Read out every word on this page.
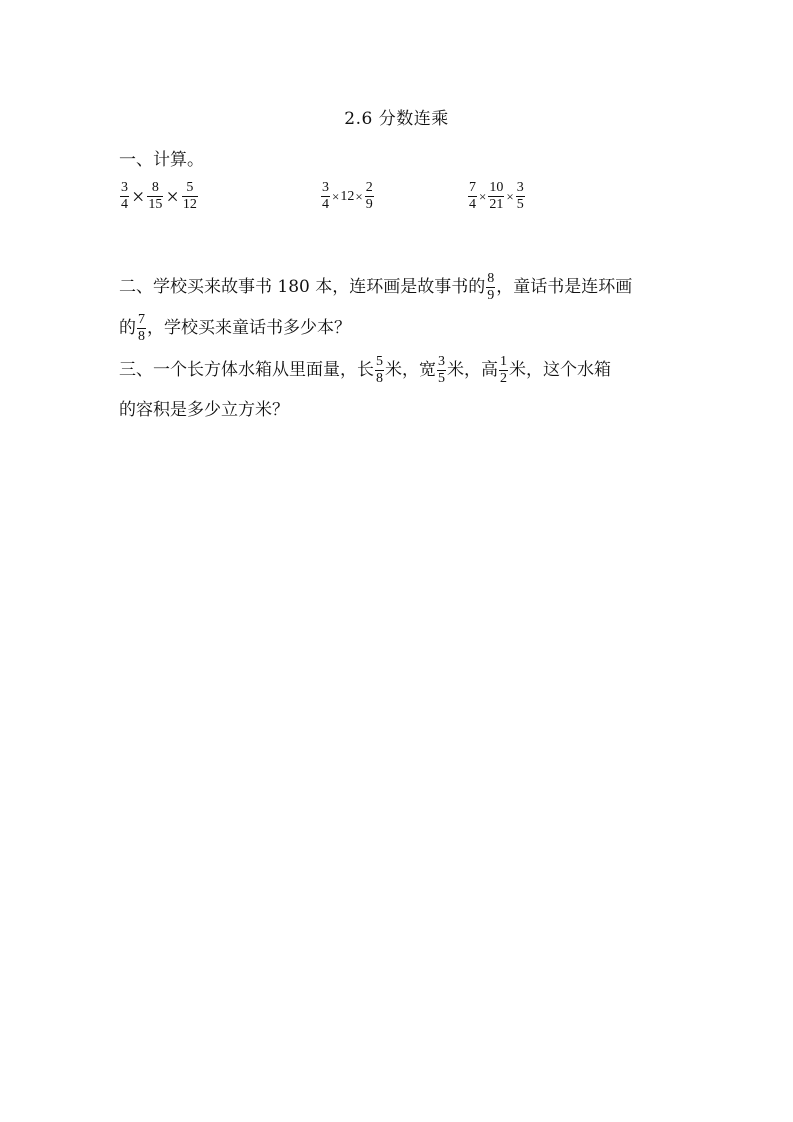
2.6 分数连乘
一、计算。
$\frac{3}{4} \times \frac{8}{15} \times \frac{5}{12}$	$\frac{3}{4} \times 12\times \frac{2}{9}$	$\frac{7}{4} \times \frac{10}{21} \times \frac{3}{5}$
二、学校买来故事书 180 本，连环画是故事书的 $\frac{8}{9}$ ，童话书是连环画
的 $\frac{7}{8}$ ，学校买来童话书多少本？
三、一个长方体水箱从里面量，长 $\frac{5}{8}$ 米，宽 $\frac{3}{5}$ 米，高 $\frac{1}{2}$ 米，这个水箱
的容积是多少立方米？
